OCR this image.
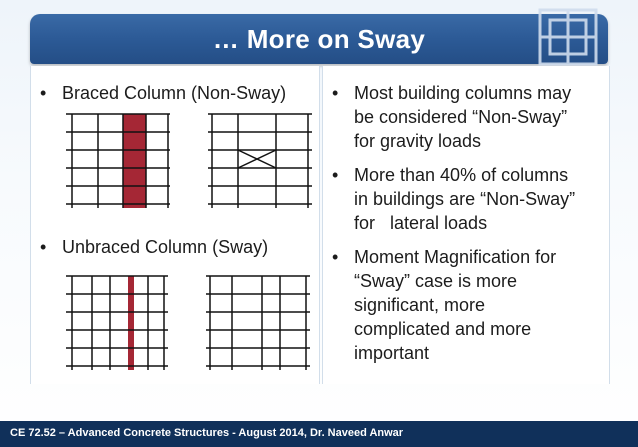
… More on Sway
• Braced Column (Non-Sway)
• Unbraced Column (Sway)
• Most building columns may
be considered “Non-Sway”
for gravity loads
• More than 40% of columns
in buildings are “Non-Sway”
for   lateral loads
• Moment Magnification for
“Sway” case is more
significant, more
complicated and more
important
CE 72.52 – Advanced Concrete Structures - August 2014, Dr. Naveed Anwar
